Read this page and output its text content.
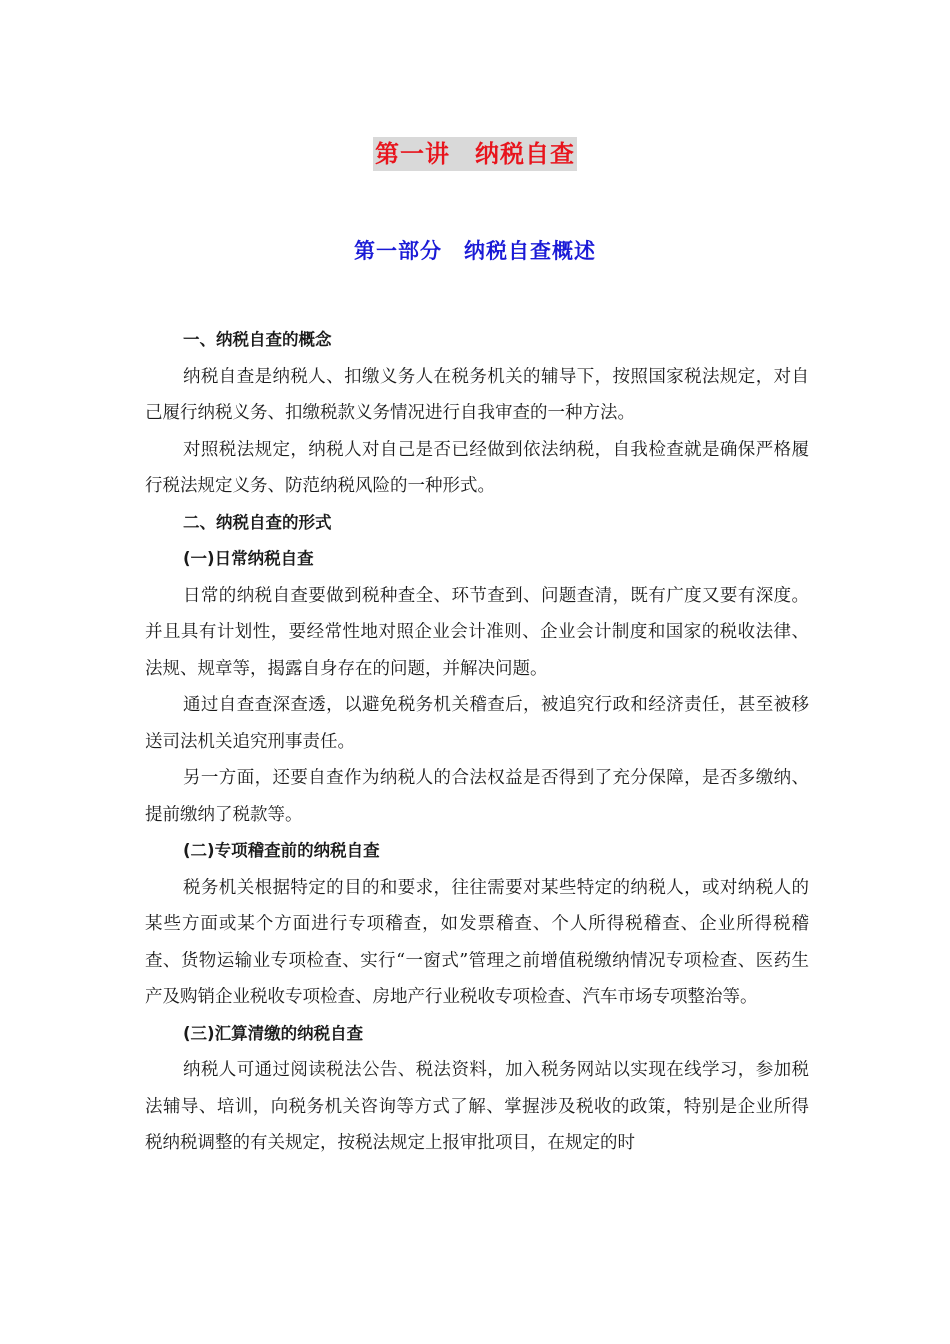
第一讲　纳税自查
第一部分　纳税自查概述

一、纳税自查的概念

纳税自查是纳税人、扣缴义务人在税务机关的辅导下，按照国家税法规定，对自己履行纳税义务、扣缴税款义务情况进行自我审查的一种方法。

对照税法规定，纳税人对自己是否已经做到依法纳税，自我检查就是确保严格履行税法规定义务、防范纳税风险的一种形式。

二、纳税自查的形式

(一)日常纳税自查

日常的纳税自查要做到税种查全、环节查到、问题查清，既有广度又要有深度。并且具有计划性，要经常性地对照企业会计准则、企业会计制度和国家的税收法律、法规、规章等，揭露自身存在的问题，并解决问题。

通过自查查深查透，以避免税务机关稽查后，被追究行政和经济责任，甚至被移送司法机关追究刑事责任。

另一方面，还要自查作为纳税人的合法权益是否得到了充分保障，是否多缴纳、提前缴纳了税款等。

(二)专项稽查前的纳税自查

税务机关根据特定的目的和要求，往往需要对某些特定的纳税人，或对纳税人的某些方面或某个方面进行专项稽查，如发票稽查、个人所得税稽查、企业所得税稽查、货物运输业专项检查、实行“一窗式”管理之前增值税缴纳情况专项检查、医药生产及购销企业税收专项检查、房地产行业税收专项检查、汽车市场专项整治等。

(三)汇算清缴的纳税自查

纳税人可通过阅读税法公告、税法资料，加入税务网站以实现在线学习，参加税法辅导、培训，向税务机关咨询等方式了解、掌握涉及税收的政策，特别是企业所得税纳税调整的有关规定，按税法规定上报审批项目，在规定的时
